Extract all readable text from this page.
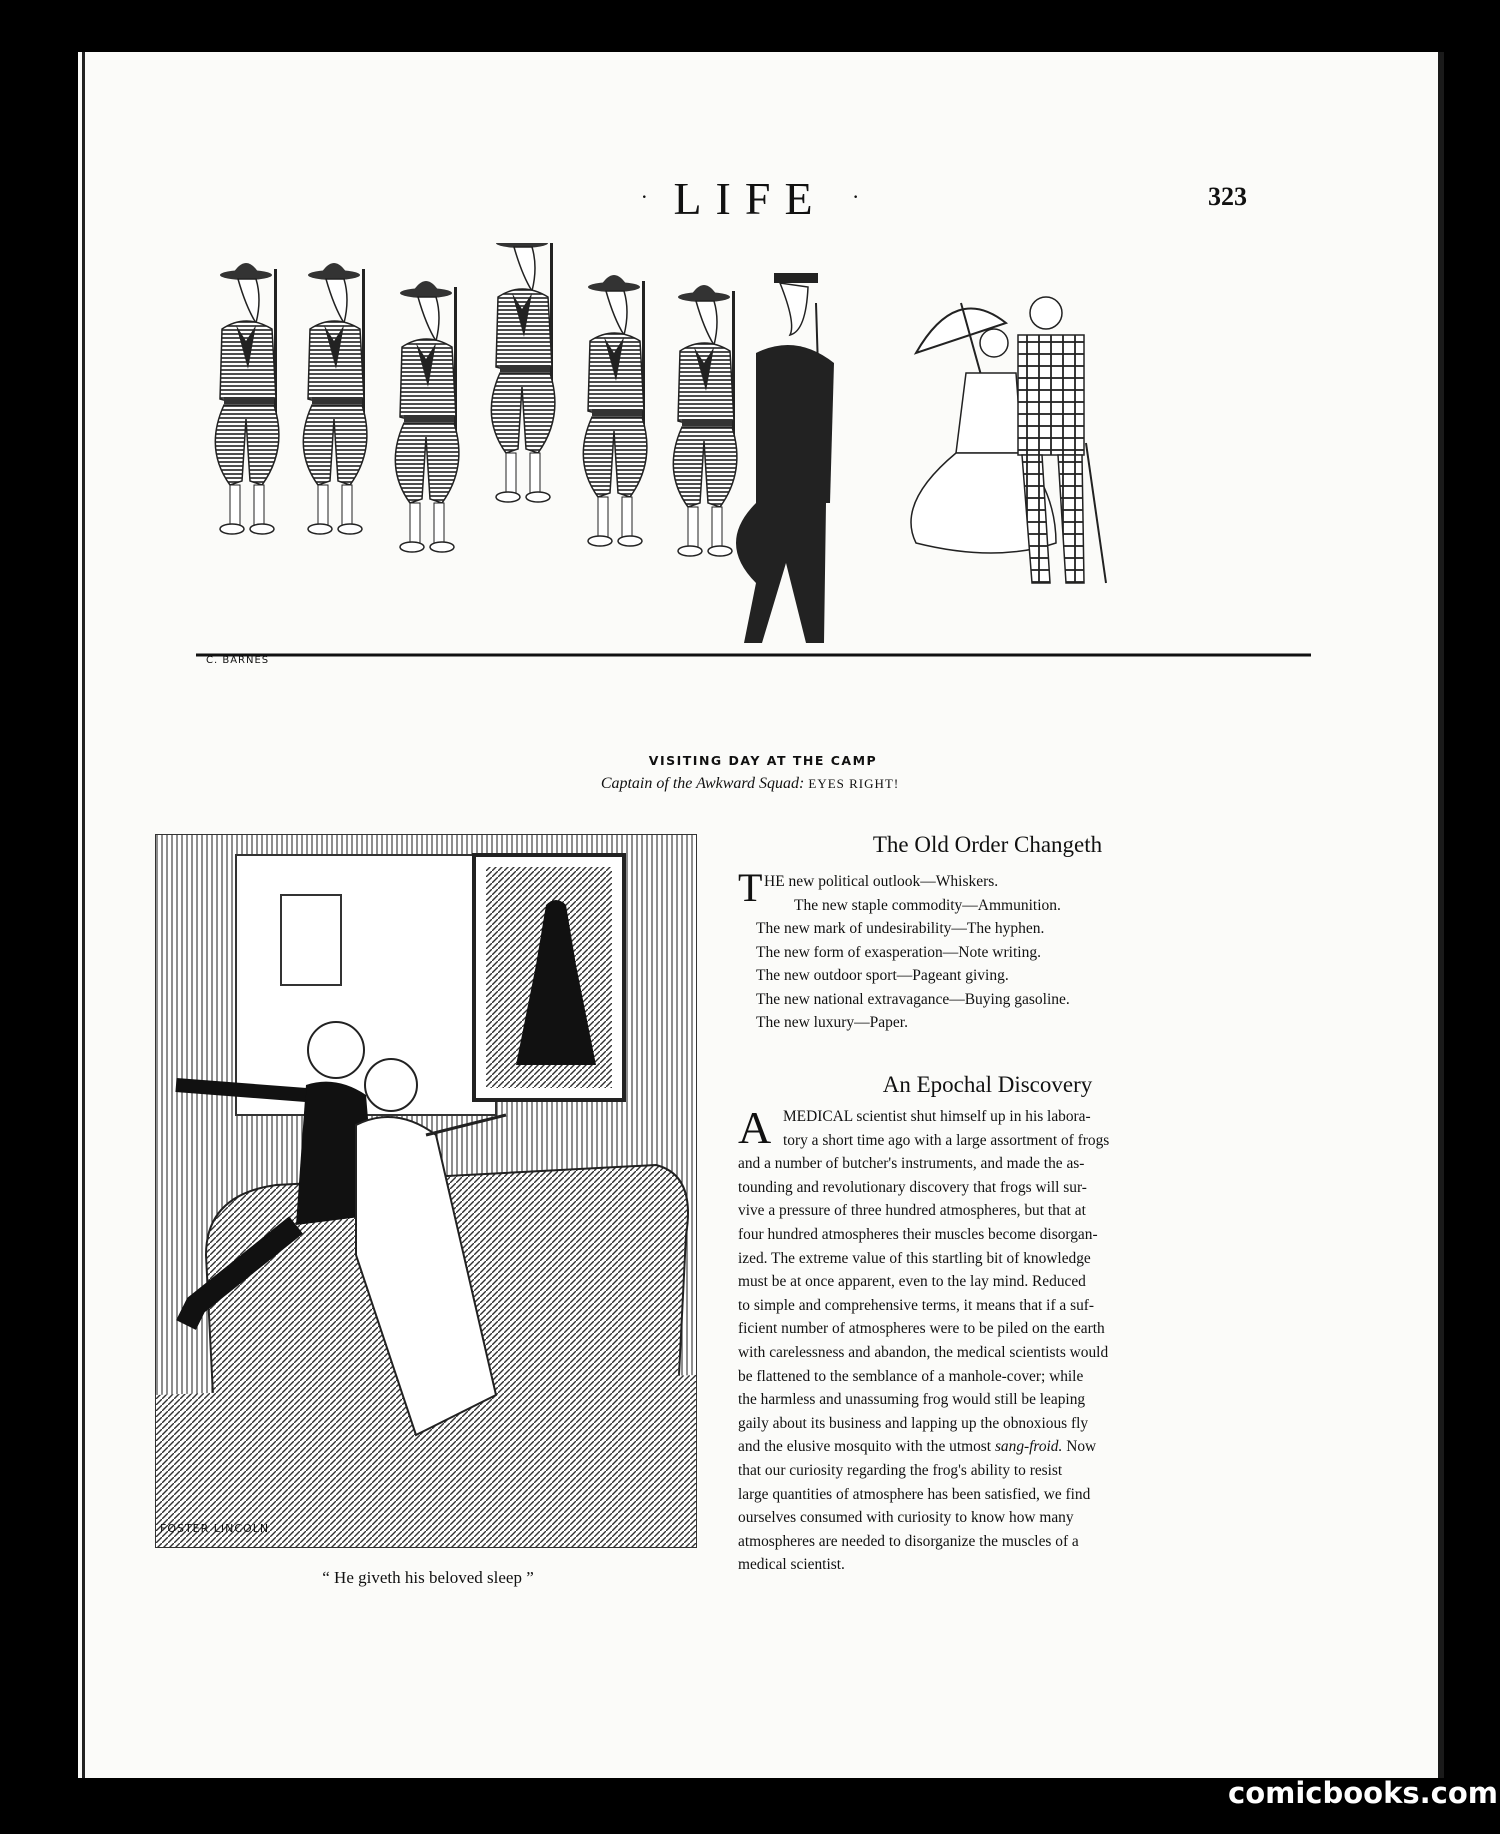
· LIFE ·	323
C. BARNES
VISITING DAY AT THE CAMP
Captain of the Awkward Squad: EYES RIGHT!
FOSTER LINCOLN
“ He giveth his beloved sleep ”
The Old Order Changeth
T HE new political outlook—Whiskers.
The new staple commodity—Ammunition.
The new mark of undesirability—The hyphen.
The new form of exasperation—Note writing.
The new outdoor sport—Pageant giving.
The new national extravagance—Buying gasoline.
The new luxury—Paper.
An Epochal Discovery
A MEDICAL scientist shut himself up in his labora-
tory a short time ago with a large assortment of frogs
and a number of butcher's instruments, and made the as-
tounding and revolutionary discovery that frogs will sur-
vive a pressure of three hundred atmospheres, but that at
four hundred atmospheres their muscles become disorgan-
ized. The extreme value of this startling bit of knowledge
must be at once apparent, even to the lay mind. Reduced
to simple and comprehensive terms, it means that if a suf-
ficient number of atmospheres were to be piled on the earth
with carelessness and abandon, the medical scientists would
be flattened to the semblance of a manhole-cover; while
the harmless and unassuming frog would still be leaping
gaily about its business and lapping up the obnoxious fly
and the elusive mosquito with the utmost sang-froid. Now
that our curiosity regarding the frog's ability to resist
large quantities of atmosphere has been satisfied, we find
ourselves consumed with curiosity to know how many
atmospheres are needed to disorganize the muscles of a
medical scientist.
comicbooks.com
